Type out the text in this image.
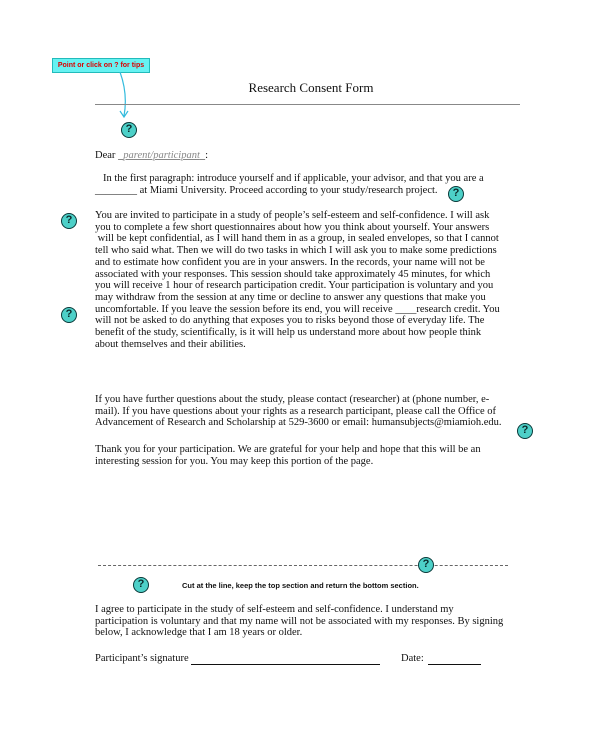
Point or click on ? for tips
Research Consent Form
?
Dear parent/participant :
In the first paragraph: introduce yourself and if applicable, your advisor, and that you are a
________ at Miami University. Proceed according to your study/research project.	?
?	You are invited to participate in a study of people’s self-esteem and self-confidence. I will ask
you to complete a few short questionnaires about how you think about yourself. Your answers
will be kept confidential, as I will hand them in as a group, in sealed envelopes, so that I cannot
tell who said what. Then we will do two tasks in which I will ask you to make some predictions
and to estimate how confident you are in your answers. In the records, your name will not be
associated with your responses. This session should take approximately 45 minutes, for which
you will receive 1 hour of research participation credit. Your participation is voluntary and you
may withdraw from the session at any time or decline to answer any questions that make you
uncomfortable. If you leave the session before its end, you will receive ____research credit. You
will not be asked to do anything that exposes you to risks beyond those of everyday life. The
benefit of the study, scientifically, is it will help us understand more about how people think
about themselves and their abilities.
?
If you have further questions about the study, please contact (researcher) at (phone number, e-
mail). If you have questions about your rights as a research participant, please call the Office of
Advancement of Research and Scholarship at 529-3600 or email: humansubjects@miamioh.edu.
?
Thank you for your participation. We are grateful for your help and hope that this will be an
interesting session for you. You may keep this portion of the page.
?
?	Cut at the line, keep the top section and return the bottom section.
I agree to participate in the study of self-esteem and self-confidence. I understand my
participation is voluntary and that my name will not be associated with my responses. By signing
below, I acknowledge that I am 18 years or older.
Participant’s signature	Date:
